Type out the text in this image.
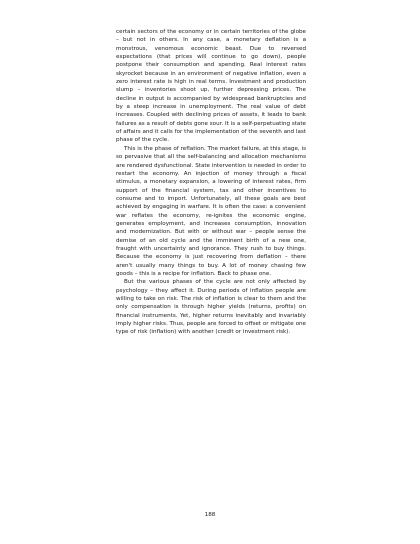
certain sectors of the economy or in certain territories of the globe – but not in others. In any case, a monetary deflation is a monstrous, venomous economic beast. Due to reversed expectations (that prices will continue to go down), people postpone their consumption and spending. Real interest rates skyrocket because in an environment of negative inflation, even a zero interest rate is high in real terms. Investment and production slump – inventories shoot up, further depressing prices. The decline in output is accompanied by widespread bankruptcies and by a steep increase in unemployment. The real value of debt increases. Coupled with declining prices of assets, it leads to bank failures as a result of debts gone sour. It is a self-perpetuating state of affairs and it calls for the implementation of the seventh and last phase of the cycle.

This is the phase of reflation. The market failure, at this stage, is so pervasive that all the self-balancing and allocation mechanisms are rendered dysfunctional. State intervention is needed in order to restart the economy. An injection of money through a fiscal stimulus, a monetary expansion, a lowering of interest rates, firm support of the financial system, tax and other incentives to consume and to import. Unfortunately, all these goals are best achieved by engaging in warfare. It is often the case: a convenient war reflates the economy, re-ignites the economic engine, generates employment, and increases consumption, innovation and modernization. But with or without war – people sense the demise of an old cycle and the imminent birth of a new one, fraught with uncertainty and ignorance. They rush to buy things. Because the economy is just recovering from deflation – there aren't usually many things to buy. A lot of money chasing few goods – this is a recipe for inflation. Back to phase one.

But the various phases of the cycle are not only affected by psychology – they affect it. During periods of inflation people are willing to take on risk. The risk of inflation is clear to them and the only compensation is through higher yields (returns, profits) on financial instruments. Yet, higher returns inevitably and invariably imply higher risks. Thus, people are forced to offset or mitigate one type of risk (inflation) with another (credit or investment risk).

188
